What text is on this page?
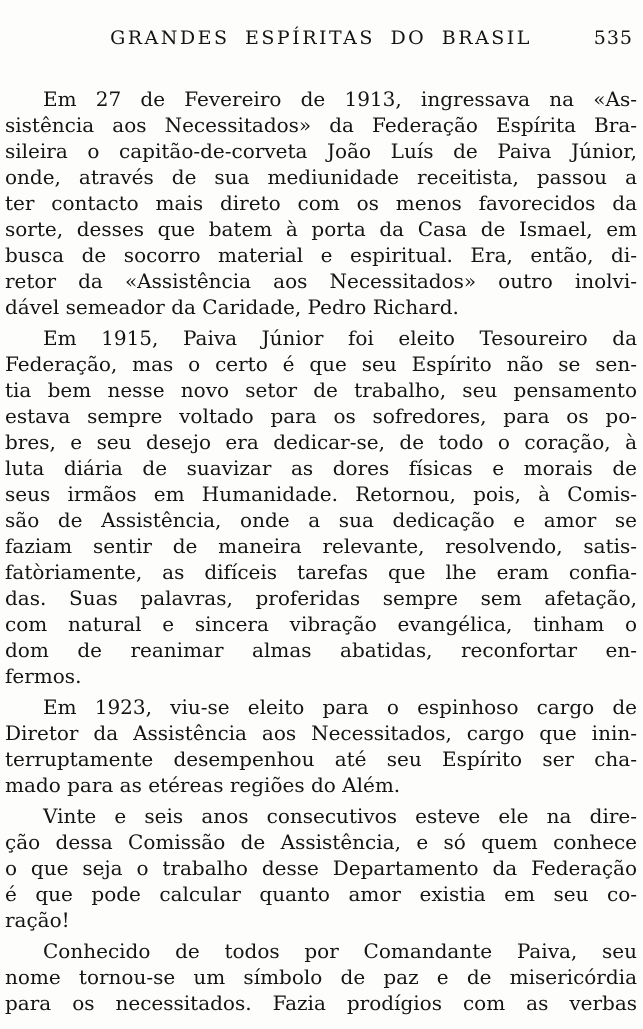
GRANDES ESPÍRITAS DO BRASIL	535

Em 27 de Fevereiro de 1913, ingressava na «As-
sistência aos Necessitados» da Federação Espírita Bra-
sileira o capitão-de-corveta João Luís de Paiva Júnior,
onde, através de sua mediunidade receitista, passou a
ter contacto mais direto com os menos favorecidos da
sorte, desses que batem à porta da Casa de Ismael, em
busca de socorro material e espiritual. Era, então, di-
retor da «Assistência aos Necessitados» outro inolvi-
dável semeador da Caridade, Pedro Richard.

Em 1915, Paiva Júnior foi eleito Tesoureiro da
Federação, mas o certo é que seu Espírito não se sen-
tia bem nesse novo setor de trabalho, seu pensamento
estava sempre voltado para os sofredores, para os po-
bres, e seu desejo era dedicar-se, de todo o coração, à
luta diária de suavizar as dores físicas e morais de
seus irmãos em Humanidade. Retornou, pois, à Comis-
são de Assistência, onde a sua dedicação e amor se
faziam sentir de maneira relevante, resolvendo, satis-
fatòriamente, as difíceis tarefas que lhe eram confia-
das. Suas palavras, proferidas sempre sem afetação,
com natural e sincera vibração evangélica, tinham o
dom de reanimar almas abatidas, reconfortar en-
fermos.

Em 1923, viu-se eleito para o espinhoso cargo de
Diretor da Assistência aos Necessitados, cargo que inin-
terruptamente desempenhou até seu Espírito ser cha-
mado para as etéreas regiões do Além.

Vinte e seis anos consecutivos esteve ele na dire-
ção dessa Comissão de Assistência, e só quem conhece
o que seja o trabalho desse Departamento da Federação
é que pode calcular quanto amor existia em seu co-
ração!

Conhecido de todos por Comandante Paiva, seu
nome tornou-se um símbolo de paz e de misericórdia
para os necessitados. Fazia prodígios com as verbas
